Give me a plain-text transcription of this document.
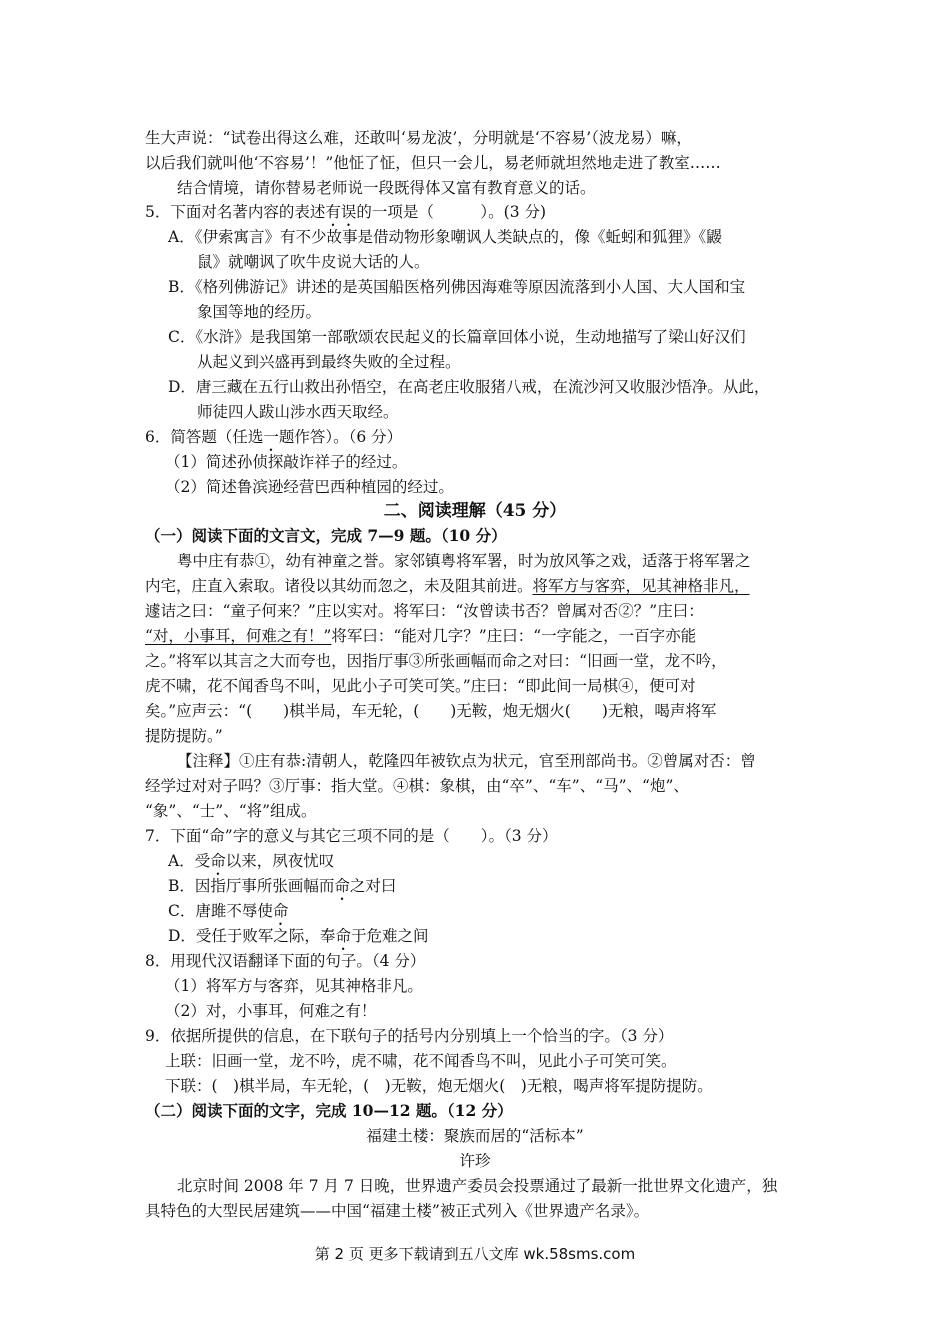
生大声说：“试卷出得这么难，还敢叫‘易龙波’，分明就是‘不容易’（波龙易）嘛，
以后我们就叫他‘不容易’！”他怔了怔，但只一会儿，易老师就坦然地走进了教室……
结合情境，请你替易老师说一段既得体又富有教育意义的话。
5．下面对名著内容的表述有误的一项是（　　　）。(3 分)
A．《伊索寓言》有不少故事是借动物形象嘲讽人类缺点的，像《蚯蚓和狐狸》《鼹
鼠》就嘲讽了吹牛皮说大话的人。
B．《格列佛游记》讲述的是英国船医格列佛因海难等原因流落到小人国、大人国和宝
象国等地的经历。
C．《水浒》是我国第一部歌颂农民起义的长篇章回体小说，生动地描写了梁山好汉们
从起义到兴盛再到最终失败的全过程。
D．唐三藏在五行山救出孙悟空，在高老庄收服猪八戒，在流沙河又收服沙悟净。从此，
师徒四人跋山涉水西天取经。
6．简答题（任选一题作答）。（6 分）
（1）简述孙侦探敲诈祥子的经过。
（2）简述鲁滨逊经营巴西种植园的经过。
二、阅读理解（45 分）
（一）阅读下面的文言文，完成 7—9 题。（10 分）
粤中庄有恭①，幼有神童之誉。家邻镇粤将军署，时为放风筝之戏，适落于将军署之
内宅，庄直入索取。诸役以其幼而忽之，未及阻其前进。将军方与客弈，见其神格非凡，
遽诘之曰：“童子何来？”庄以实对。将军曰：“汝曾读书否？曾属对否②？”庄曰：
“对，小事耳，何难之有！”将军曰：“能对几字？”庄曰：“一字能之，一百字亦能
之。”将军以其言之大而夸也，因指厅事③所张画幅而命之对曰：“旧画一堂，龙不吟，
虎不啸，花不闻香鸟不叫，见此小子可笑可笑。”庄曰：“即此间一局棋④，便可对
矣。”应声云：“(　　)棋半局，车无轮，(　　)无鞍，炮无烟火(　　)无粮，喝声将军
提防提防。”
【注释】①庄有恭:清朝人，乾隆四年被钦点为状元，官至刑部尚书。②曾属对否：曾
经学过对对子吗？③厅事：指大堂。④棋：象棋，由“卒”、“车”、“马”、“炮”、
“象”、“士”、“将”组成。
7．下面“命”字的意义与其它三项不同的是（　　）。（3 分）
A．受命以来，夙夜忧叹
B．因指厅事所张画幅而命之对曰
C．唐雎不辱使命
D．受任于败军之际，奉命于危难之间
8．用现代汉语翻译下面的句子。（4 分）
（1）将军方与客弈，见其神格非凡。
（2）对，小事耳，何难之有！
9．依据所提供的信息，在下联句子的括号内分别填上一个恰当的字。（3 分）
上联：旧画一堂，龙不吟，虎不啸，花不闻香鸟不叫，见此小子可笑可笑。
下联：(　)棋半局，车无轮，(　)无鞍，炮无烟火(　)无粮，喝声将军提防提防。
（二）阅读下面的文字，完成 10—12 题。（12 分）
福建土楼：聚族而居的“活标本”
许珍
北京时间 2008 年 7 月 7 日晚，世界遗产委员会投票通过了最新一批世界文化遗产，独
具特色的大型民居建筑——中国“福建土楼”被正式列入《世界遗产名录》。
第 2 页 更多下载请到五八文库 wk.58sms.com
